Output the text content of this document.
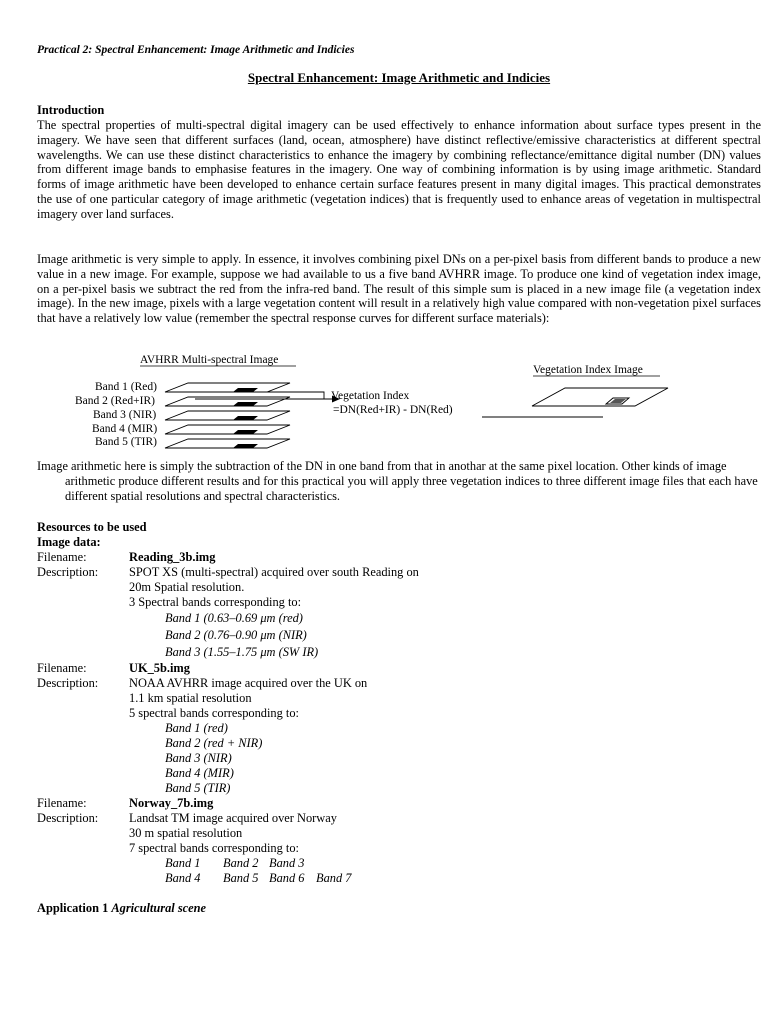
Practical 2: Spectral Enhancement: Image Arithmetic and Indicies
Spectral Enhancement: Image Arithmetic and Indicies
Introduction

The spectral properties of multi-spectral digital imagery can be used effectively to enhance information about surface types present in the imagery. We have seen that different surfaces (land, ocean, atmosphere) have distinct reflective/emissive characteristics at different spectral wavelengths. We can use these distinct characteristics to enhance the imagery by combining reflectance/emittance digital number (DN) values from different image bands to emphasise features in the imagery. One way of combining information is by using image arithmetic. Standard forms of image arithmetic have been developed to enhance certain surface features present in many digital images. This practical demonstrates the use of one particular category of image arithmetic (vegetation indices) that is frequently used to enhance areas of vegetation in multispectral imagery over land surfaces.

Image arithmetic is very simple to apply. In essence, it involves combining pixel DNs on a per-pixel basis from different bands to produce a new value in a new image. For example, suppose we had available to us a five band AVHRR image. To produce one kind of vegetation index image, on a per-pixel basis we subtract the red from the infra-red band. The result of this simple sum is placed in a new image file (a vegetation index image). In the new image, pixels with a large vegetation content will result in a relatively high value compared with non-vegetation pixel surfaces that have a relatively low value (remember the spectral response curves for different surface materials):

AVHRR Multi-spectral Image
Band 1 (Red)
Band 2 (Red+IR)
Band 3 (NIR)
Band 4 (MIR)
Band 5 (TIR)
Vegetation Index
=DN(Red+IR) - DN(Red)
Vegetation Index Image

Image arithmetic here is simply the subtraction of the DN in one band from that in anothar at the same pixel location. Other kinds of image arithmetic produce different results and for this practical you will apply three vegetation indices to three different image files that each have different spatial resolutions and spectral characteristics.

Resources to be used
Image data:
Filename:	Reading_3b.img
Description: SPOT XS (multi-spectral) acquired over south Reading on
20m Spatial resolution.
3 Spectral bands corresponding to:
Band 1 (0.63–0.69 μm (red)
Band 2 (0.76–0.90 μm (NIR)
Band 3 (1.55–1.75 μm (SW IR)
Filename:	UK_5b.img
Description: NOAA AVHRR image acquired over the UK on
1.1 km spatial resolution
5 spectral bands corresponding to:
Band 1 (red)
Band 2 (red + NIR)
Band 3 (NIR)
Band 4 (MIR)
Band 5 (TIR)
Filename:	Norway_7b.img
Description: Landsat TM image acquired over Norway
30 m spatial resolution
7 spectral bands corresponding to:
Band 1 Band 2 Band 3
Band 4 Band 5 Band 6 Band 7
Application 1 Agricultural scene
